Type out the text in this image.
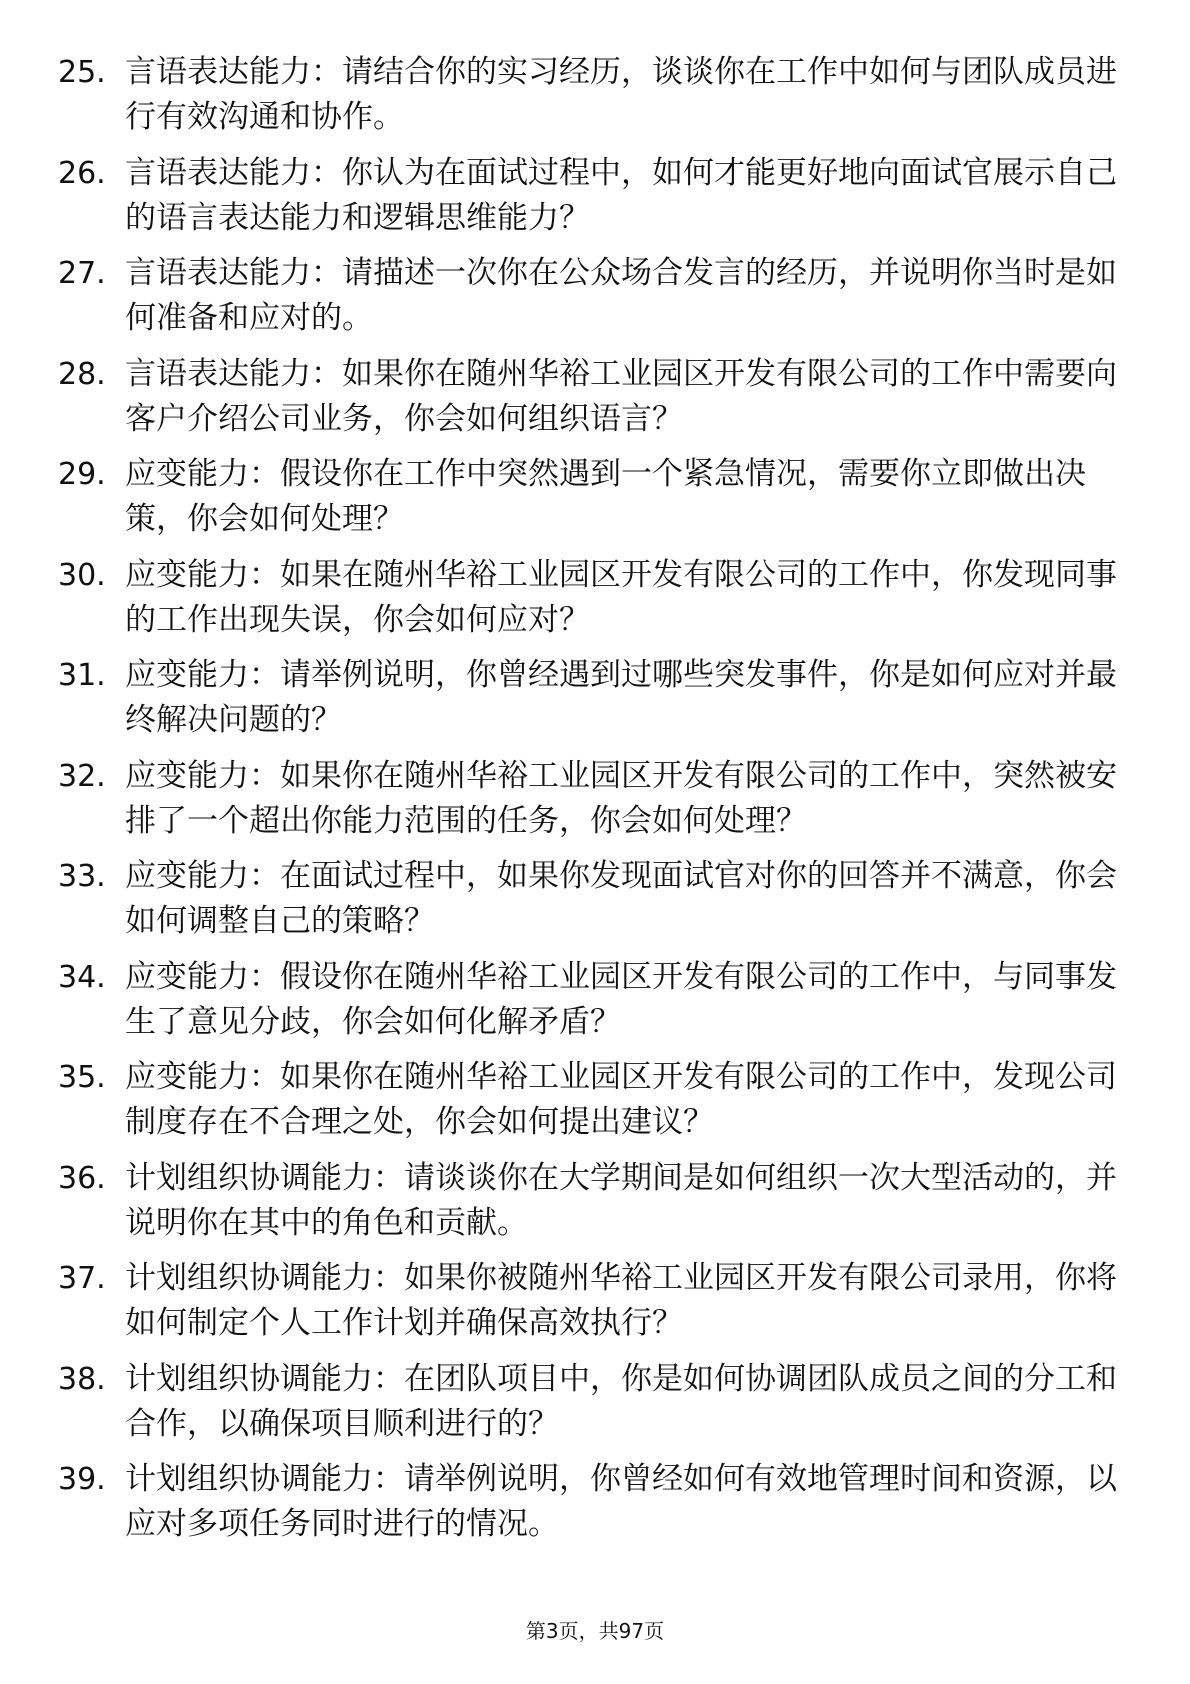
25. 言语表达能力：请结合你的实习经历，谈谈你在工作中如何与团队成员进行有效沟通和协作。
26. 言语表达能力：你认为在面试过程中，如何才能更好地向面试官展示自己的语言表达能力和逻辑思维能力？
27. 言语表达能力：请描述一次你在公众场合发言的经历，并说明你当时是如何准备和应对的。
28. 言语表达能力：如果你在随州华裕工业园区开发有限公司的工作中需要向客户介绍公司业务，你会如何组织语言？
29. 应变能力：假设你在工作中突然遇到一个紧急情况，需要你立即做出决策，你会如何处理？
30. 应变能力：如果在随州华裕工业园区开发有限公司的工作中，你发现同事的工作出现失误，你会如何应对？
31. 应变能力：请举例说明，你曾经遇到过哪些突发事件，你是如何应对并最终解决问题的？
32. 应变能力：如果你在随州华裕工业园区开发有限公司的工作中，突然被安排了一个超出你能力范围的任务，你会如何处理？
33. 应变能力：在面试过程中，如果你发现面试官对你的回答并不满意，你会如何调整自己的策略？
34. 应变能力：假设你在随州华裕工业园区开发有限公司的工作中，与同事发生了意见分歧，你会如何化解矛盾？
35. 应变能力：如果你在随州华裕工业园区开发有限公司的工作中，发现公司制度存在不合理之处，你会如何提出建议？
36. 计划组织协调能力：请谈谈你在大学期间是如何组织一次大型活动的，并说明你在其中的角色和贡献。
37. 计划组织协调能力：如果你被随州华裕工业园区开发有限公司录用，你将如何制定个人工作计划并确保高效执行？
38. 计划组织协调能力：在团队项目中，你是如何协调团队成员之间的分工和合作，以确保项目顺利进行的？
39. 计划组织协调能力：请举例说明，你曾经如何有效地管理时间和资源，以应对多项任务同时进行的情况。
第3页，共97页
